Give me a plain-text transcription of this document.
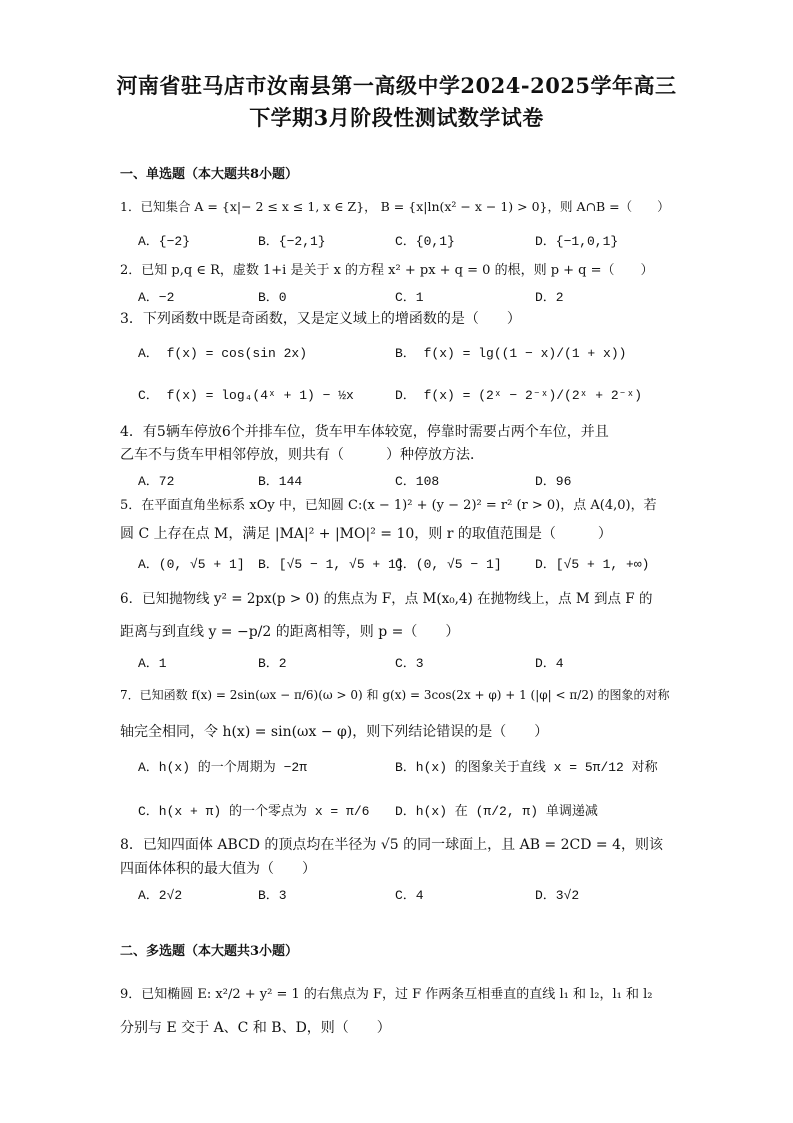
河南省驻马店市汝南县第一高级中学2024-2025学年高三
下学期3月阶段性测试数学试卷
一、单选题（本大题共8小题）
1．已知集合 A = {x|− 2 ≤ x ≤ 1, x ∈ Z}， B = {x|ln(x² − x − 1) > 0}，则 A∩B =（　　）
A．{−2}	B．{−2,1}	C．{0,1}	D．{−1,0,1}
2．已知 p,q ∈ R，虚数 1+i 是关于 x 的方程 x² + px + q = 0 的根，则 p + q =（　　）
A．−2	B．0	C．1	D．2
3．下列函数中既是奇函数，又是定义域上的增函数的是（　　）
A． f(x) = cos(sin 2x)	B． f(x) = lg((1 − x)/(1 + x))
C． f(x) = log₄(4ˣ + 1) − ½x	D． f(x) = (2ˣ − 2⁻ˣ)/(2ˣ + 2⁻ˣ)
4．有5辆车停放6个并排车位，货车甲车体较宽，停靠时需要占两个车位，并且
乙车不与货车甲相邻停放，则共有（　　　）种停放方法．
A．72	B．144	C．108	D．96
5．在平面直角坐标系 xOy 中，已知圆 C:(x − 1)² + (y − 2)² = r² (r > 0)，点 A(4,0)，若
圆 C 上存在点 M，满足 |MA|² + |MO|² = 10，则 r 的取值范围是（　　　）
A．(0, √5 + 1] B．[√5 − 1, √5 + 1]
C．(0, √5 − 1]	D．[√5 + 1, +∞)
6．已知抛物线 y² = 2px(p > 0) 的焦点为 F，点 M(x₀,4) 在抛物线上，点 M 到点 F 的
距离与到直线 y = −p/2 的距离相等，则 p =（　　）
A．1	B．2	C．3	D．4
7．已知函数 f(x) = 2sin(ωx − π/6)(ω > 0) 和 g(x) = 3cos(2x + φ) + 1 (|φ| < π/2) 的图象的对称
轴完全相同，令 h(x) = sin(ωx − φ)，则下列结论错误的是（　　）
A．h(x) 的一个周期为 −2π	B．h(x) 的图象关于直线 x = 5π/12 对称
C．h(x + π) 的一个零点为 x = π/6 D．h(x) 在 (π/2, π) 单调递减
8．已知四面体 ABCD 的顶点均在半径为 √5 的同一球面上，且 AB = 2CD = 4，则该
四面体体积的最大值为（　　）
A．2√2	B．3	C．4	D．3√2
二、多选题（本大题共3小题）
9．已知椭圆 E: x²/2 + y² = 1 的右焦点为 F，过 F 作两条互相垂直的直线 l₁ 和 l₂，l₁ 和 l₂
分别与 E 交于 A、C 和 B、D，则（　　）
